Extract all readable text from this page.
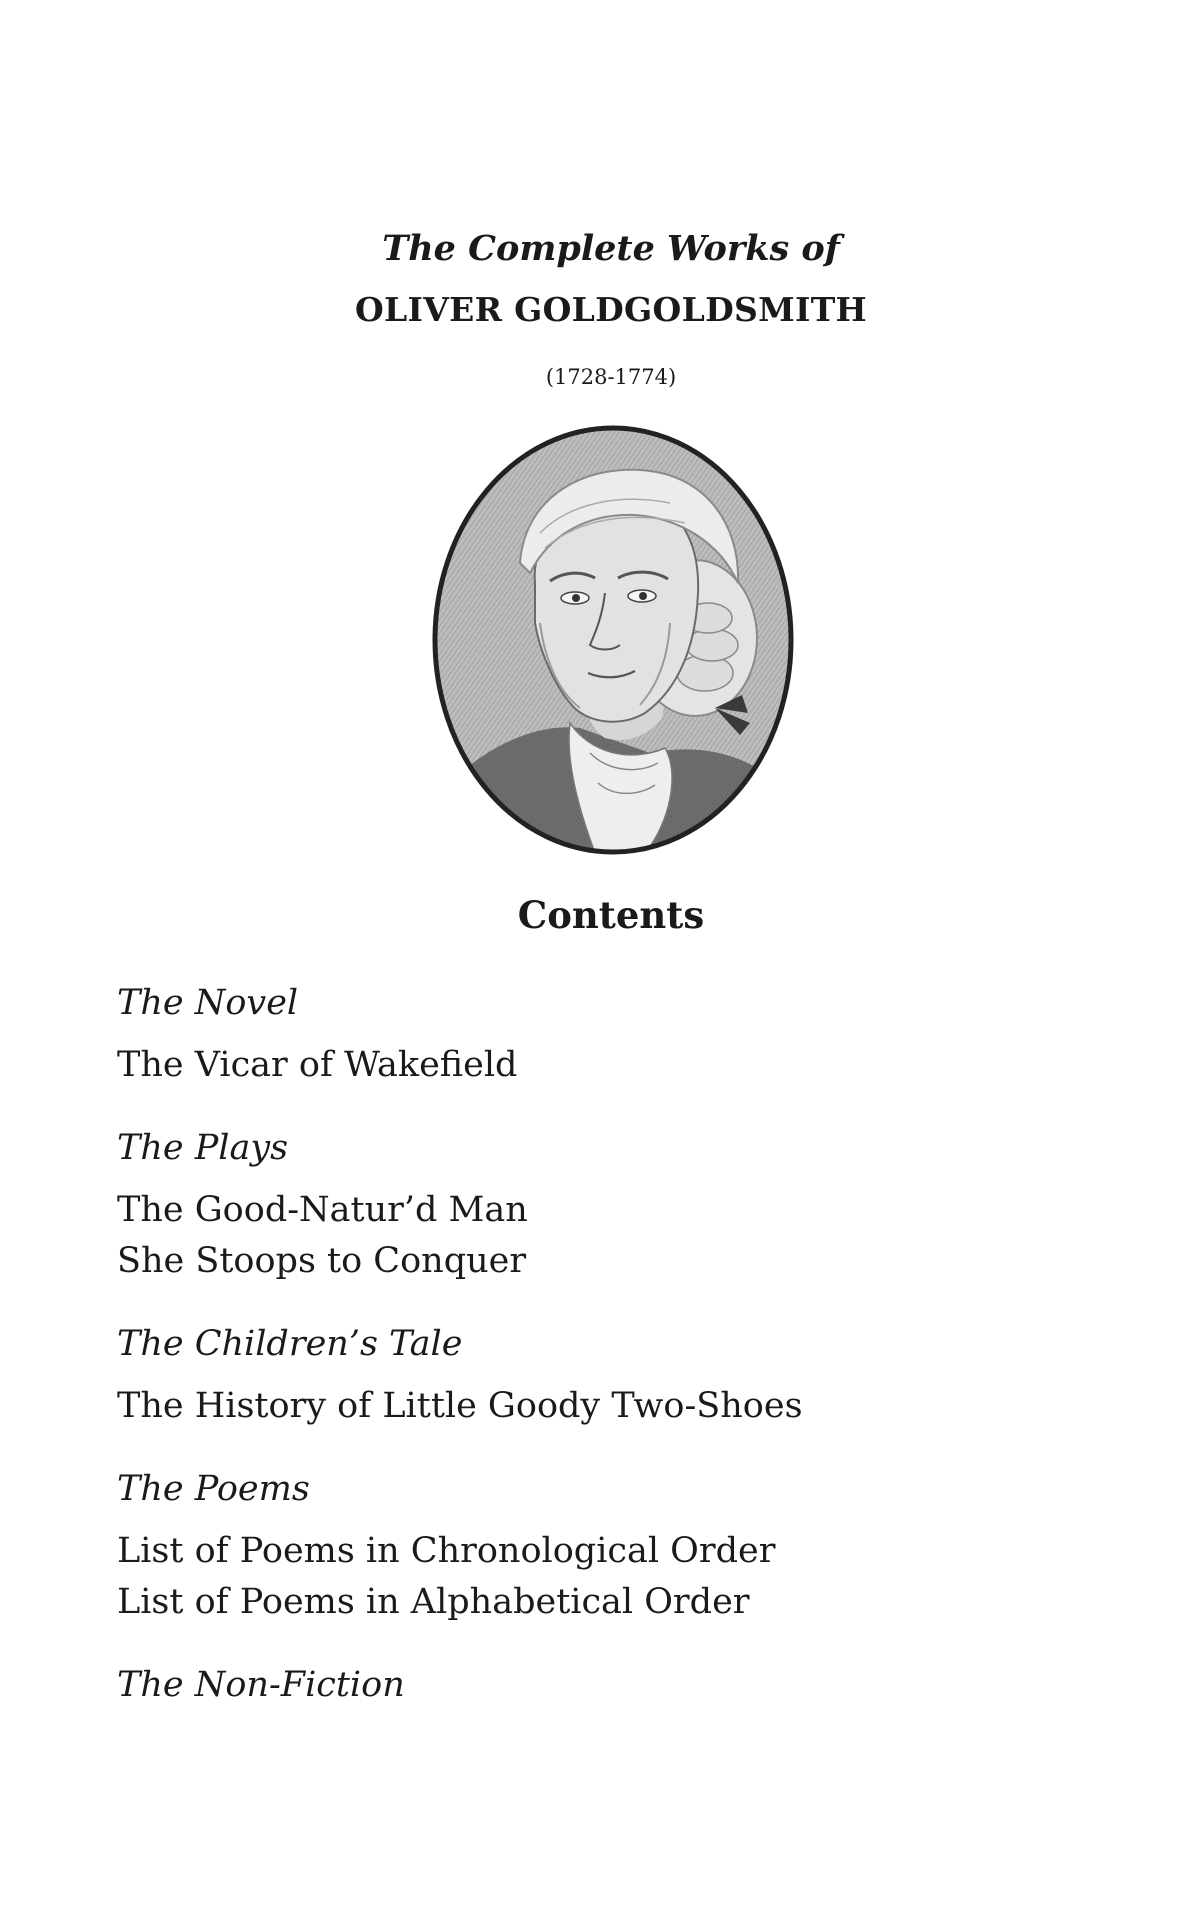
The Complete Works of
OLIVER GOLDGOLDSMITH
(1728-1774)
Contents
The Novel
The Vicar of Wakefield
The Plays
The Good-Natur’d Man
She Stoops to Conquer
The Children’s Tale
The History of Little Goody Two-Shoes
The Poems
List of Poems in Chronological Order
List of Poems in Alphabetical Order
The Non-Fiction
